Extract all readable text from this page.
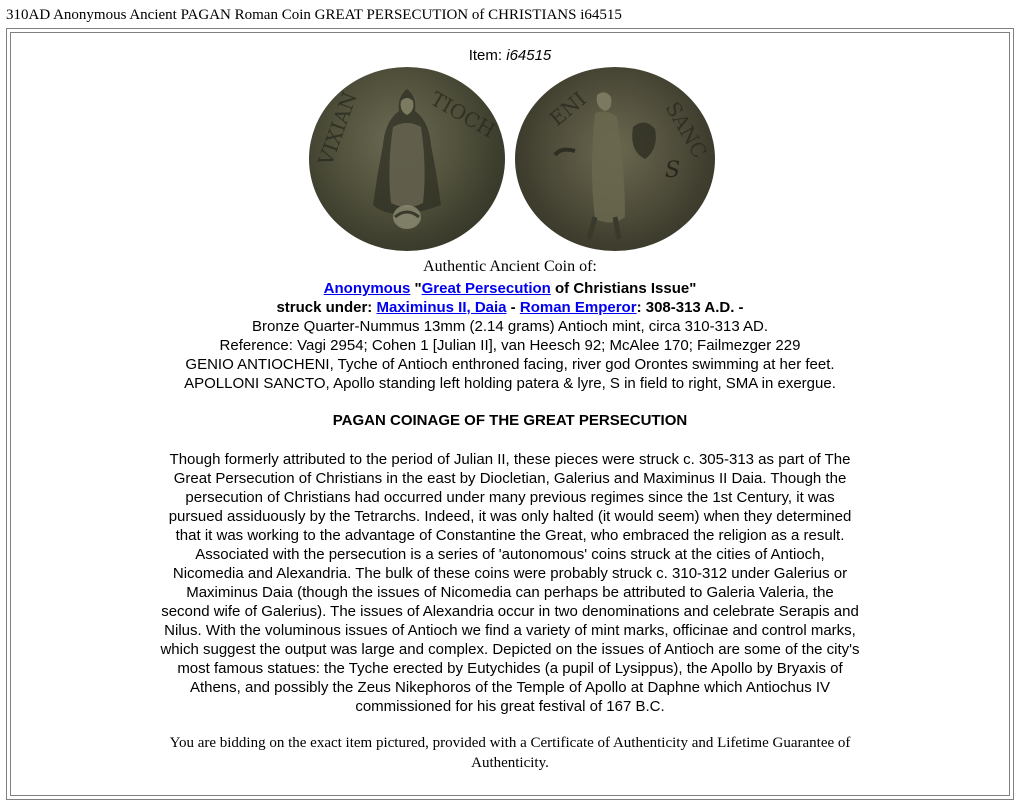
310AD Anonymous Ancient PAGAN Roman Coin GREAT PERSECUTION of CHRISTIANS i64515
Item: i64515
VIXIAN	TIOCH
S
ENI	SANC
Authentic Ancient Coin of:
Anonymous "Great Persecution of Christians Issue"
struck under: Maximinus II, Daia - Roman Emperor: 308-313 A.D. -
Bronze Quarter-Nummus 13mm (2.14 grams) Antioch mint, circa 310-313 AD.
Reference: Vagi 2954; Cohen 1 [Julian II], van Heesch 92; McAlee 170; Failmezger 229
GENIO ANTIOCHENI, Tyche of Antioch enthroned facing, river god Orontes swimming at her feet.
APOLLONI SANCTO, Apollo standing left holding patera & lyre, S in field to right, SMA in exergue.
PAGAN COINAGE OF THE GREAT PERSECUTION
Though formerly attributed to the period of Julian II, these pieces were struck c. 305-313 as part of The Great Persecution of Christians in the east by Diocletian, Galerius and Maximinus II Daia. Though the persecution of Christians had occurred under many previous regimes since the 1st Century, it was pursued assiduously by the Tetrarchs. Indeed, it was only halted (it would seem) when they determined that it was working to the advantage of Constantine the Great, who embraced the religion as a result. Associated with the persecution is a series of 'autonomous' coins struck at the cities of Antioch, Nicomedia and Alexandria. The bulk of these coins were probably struck c. 310-312 under Galerius or Maximinus Daia (though the issues of Nicomedia can perhaps be attributed to Galeria Valeria, the second wife of Galerius). The issues of Alexandria occur in two denominations and celebrate Serapis and Nilus. With the voluminous issues of Antioch we find a variety of mint marks, officinae and control marks, which suggest the output was large and complex. Depicted on the issues of Antioch are some of the city's most famous statues: the Tyche erected by Eutychides (a pupil of Lysippus), the Apollo by Bryaxis of Athens, and possibly the Zeus Nikephoros of the Temple of Apollo at Daphne which Antiochus IV commissioned for his great festival of 167 B.C.
You are bidding on the exact item pictured, provided with a Certificate of Authenticity and Lifetime Guarantee of Authenticity.
